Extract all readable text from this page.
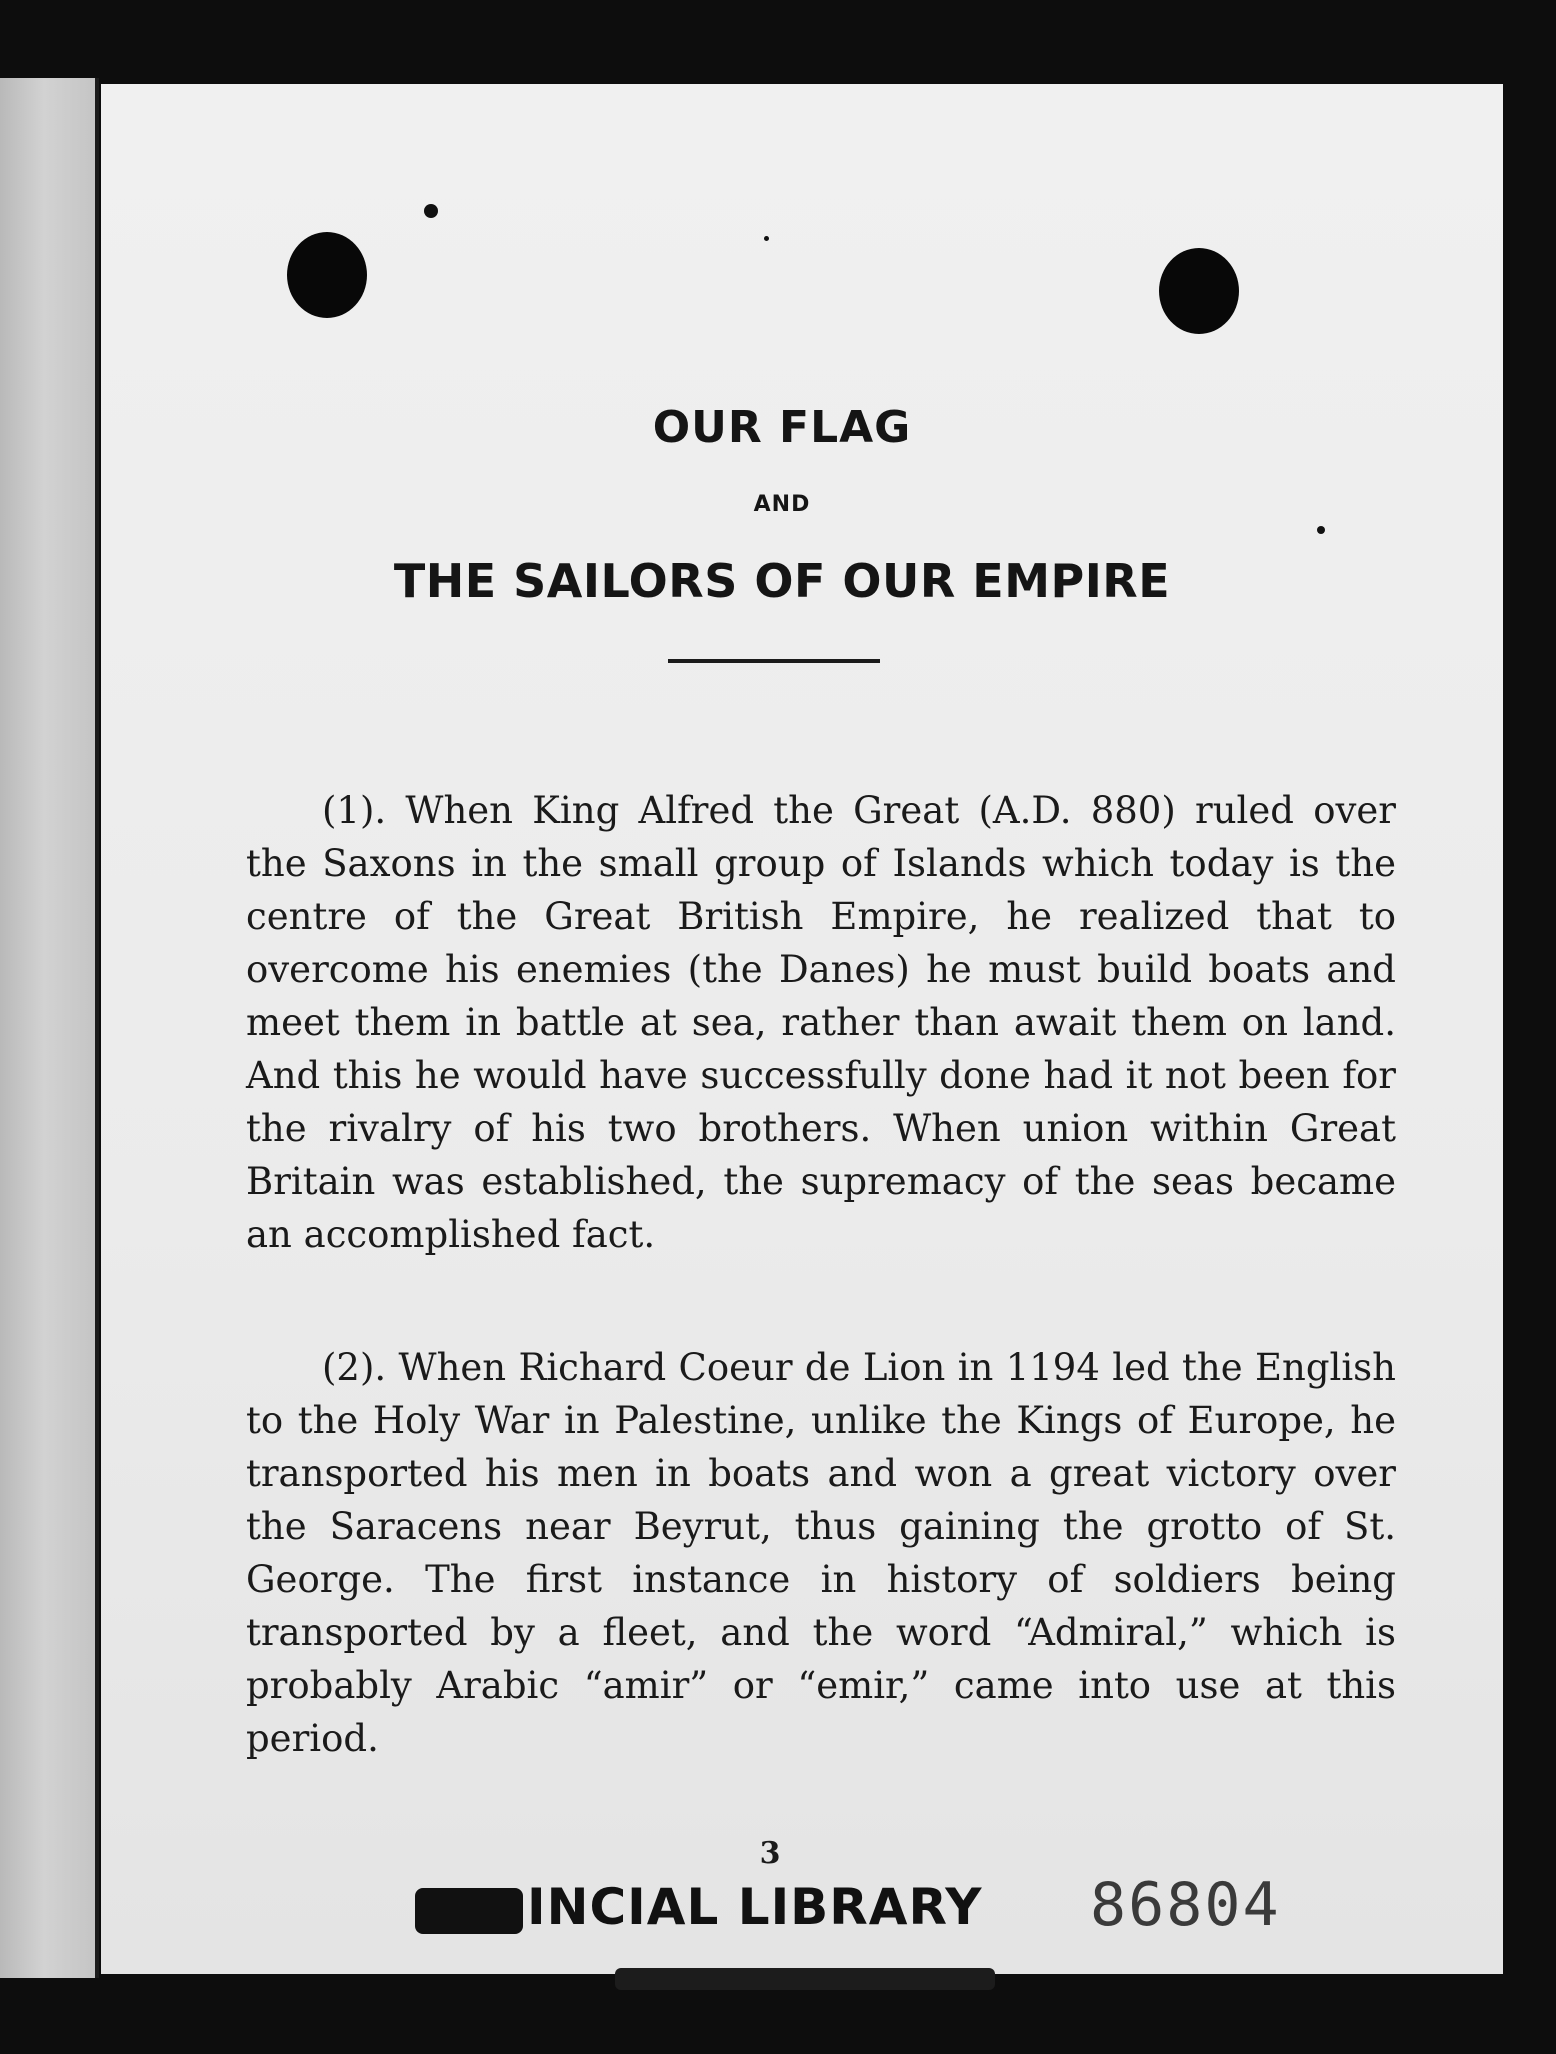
OUR FLAG
AND
THE SAILORS OF OUR EMPIRE

(1). When King Alfred the Great (A.D. 880) ruled over the Saxons in the small group of Islands which today is the centre of the Great British Empire, he realized that to overcome his enemies (the Danes) he must build boats and meet them in battle at sea, rather than await them on land. And this he would have successfully done had it not been for the rivalry of his two brothers. When union within Great Britain was established, the supremacy of the seas became an accomplished fact.

(2). When Richard Coeur de Lion in 1194 led the English to the Holy War in Palestine, unlike the Kings of Europe, he transported his men in boats and won a great victory over the Saracens near Beyrut, thus gaining the grotto of St. George. The first instance in history of soldiers being transported by a fleet, and the word “Admiral,” which is probably Arabic “amir” or “emir,” came into use at this period.

3
INCIAL LIBRARY 86804
